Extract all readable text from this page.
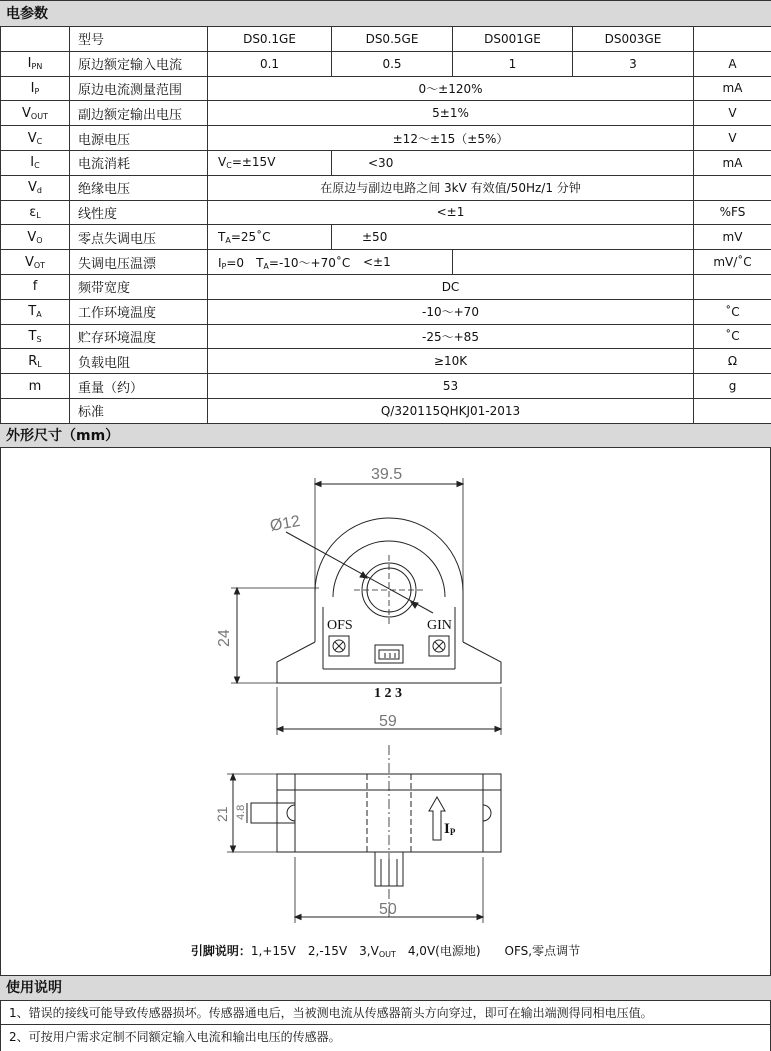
电参数
	型号	DS0.1GE	DS0.5GE	DS001GE	DS003GE	
$I_{PN}$	原边额定输入电流	0.1	0.5	1	3	A
$I_P$	原边电流测量范围	0～±120%	mA
$V_{OUT}$	副边额定输出电压	5±1%	V
$V_C$	电源电压	±12～±15（±5%）	V
$I_C$	电流消耗	$V_C=\pm 15V$	<30	mA
$V_d$	绝缘电压	在原边与副边电路之间 3kV 有效值/50Hz/1 分钟	
$\varepsilon_L$	线性度	<±1	%FS
$V_O$	零点失调电压	$T_A=25˚C$	±50	mV
$V_{OT}$	失调电压温漂	$I_P=0$　$T_A=-10\sim+70˚C$	<±1	mV/˚C
f	频带宽度	DC	
$T_A$	工作环境温度	-10～+70	˚C
$T_S$	贮存环境温度	-25～+85	˚C
$R_L$	负载电阻	≥10K	Ω
m	重量（约）	53	g
	标准	Q/320115QHKJ01-2013	
外形尺寸（mm）
39.5
Ø12
24
59
21 4.8
50
OFS	GIN
1 2 3
IP
引脚说明：1,+15V　2,-15V　$3,V_{OUT}$　4,0V(电源地)　　OFS,零点调节
使用说明
1、错误的接线可能导致传感器损坏。传感器通电后，当被测电流从传感器箭头方向穿过，即可在输出端测得同相电压值。
2、可按用户需求定制不同额定输入电流和输出电压的传感器。
